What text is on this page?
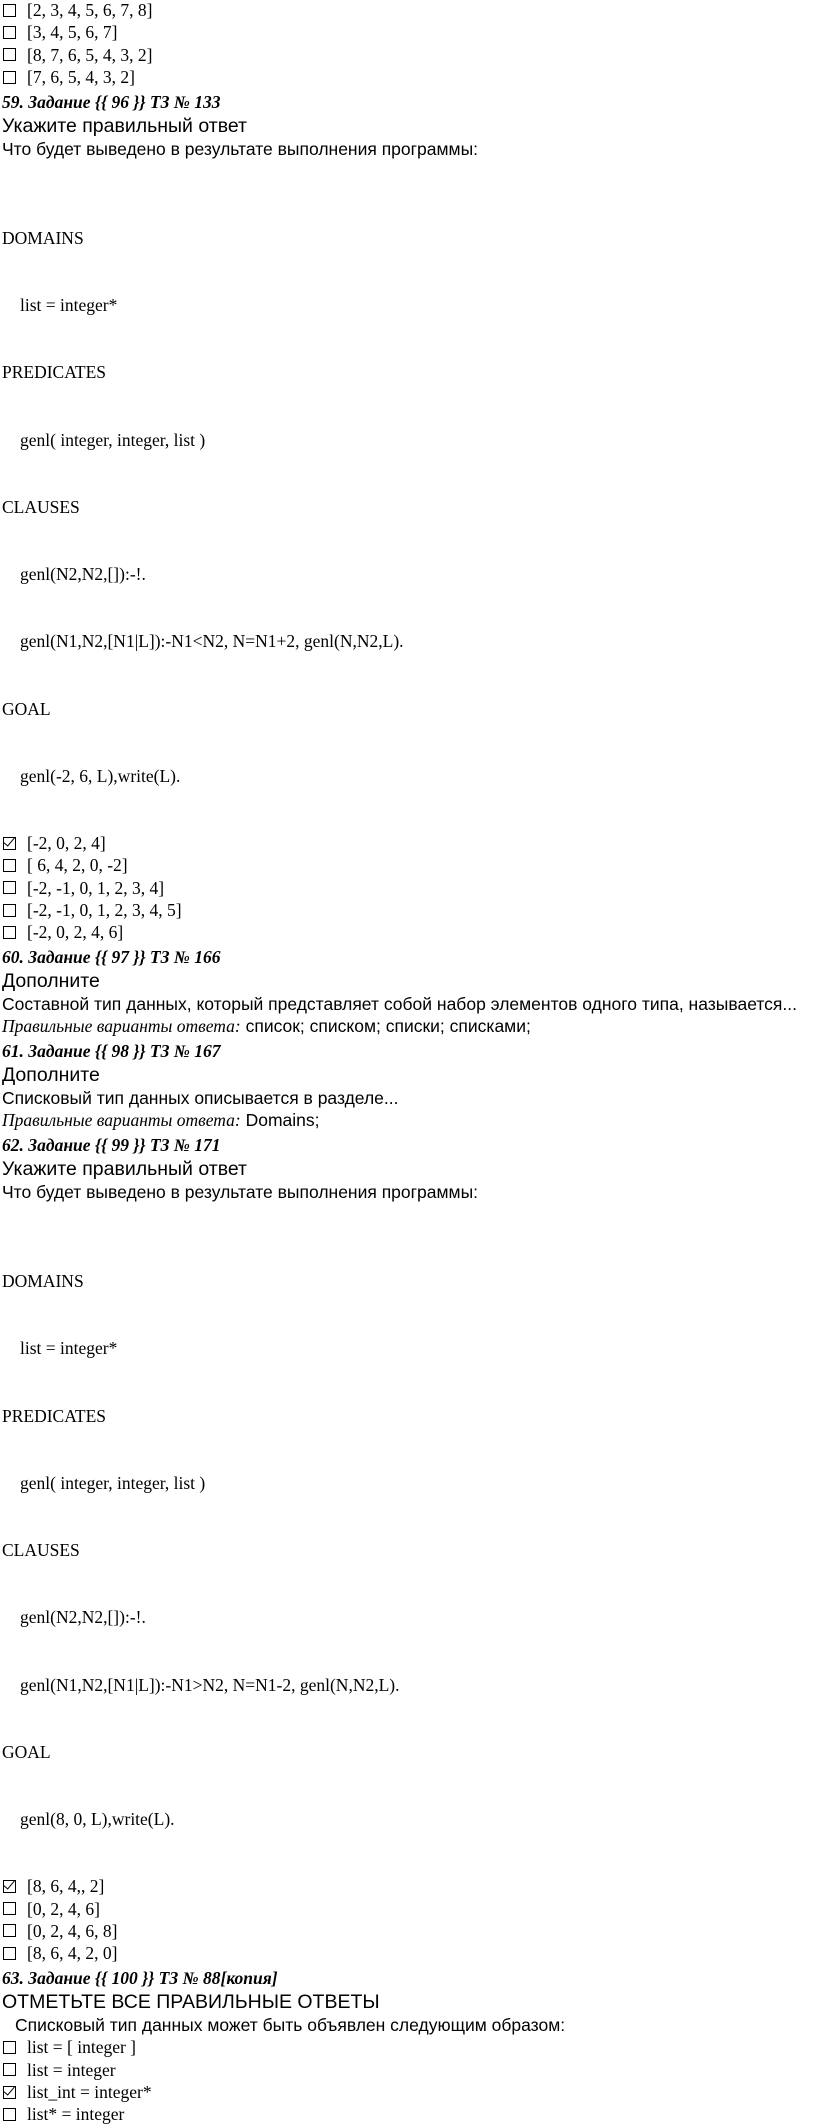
[2, 3, 4, 5, 6, 7, 8]
[3, 4, 5, 6, 7]
[8, 7, 6, 5, 4, 3, 2]
[7, 6, 5, 4, 3, 2]
59. Задание {{ 96 }} ТЗ № 133
Укажите правильный ответ
Что будет выведено в результате выполнения программы:

DOMAINS

list = integer*

PREDICATES

genl( integer, integer, list )

CLAUSES

genl(N2,N2,[]):-!.

genl(N1,N2,[N1|L]):-N1<N2, N=N1+2, genl(N,N2,L).

GOAL

genl(-2, 6, L),write(L).

[-2, 0, 2, 4]
[ 6, 4, 2, 0, -2]
[-2, -1, 0, 1, 2, 3, 4]
[-2, -1, 0, 1, 2, 3, 4, 5]
[-2, 0, 2, 4, 6]
60. Задание {{ 97 }} ТЗ № 166
Дополните
Составной тип данных, который представляет собой набор элементов одного типа, называется...
Правильные варианты ответа: список; списком; списки; списками;
61. Задание {{ 98 }} ТЗ № 167
Дополните
Списковый тип данных описывается в разделе...
Правильные варианты ответа: Domains;
62. Задание {{ 99 }} ТЗ № 171
Укажите правильный ответ
Что будет выведено в результате выполнения программы:

DOMAINS

list = integer*

PREDICATES

genl( integer, integer, list )

CLAUSES

genl(N2,N2,[]):-!.

genl(N1,N2,[N1|L]):-N1>N2, N=N1-2, genl(N,N2,L).

GOAL

genl(8, 0, L),write(L).

[8, 6, 4,, 2]
[0, 2, 4, 6]
[0, 2, 4, 6, 8]
[8, 6, 4, 2, 0]
63. Задание {{ 100 }} ТЗ № 88[копия]
ОТМЕТЬТЕ ВСЕ ПРАВИЛЬНЫЕ ОТВЕТЫ
Списковый тип данных может быть объявлен следующим образом:
list = [ integer ]
list = integer
list_int = integer*
list* = integer
